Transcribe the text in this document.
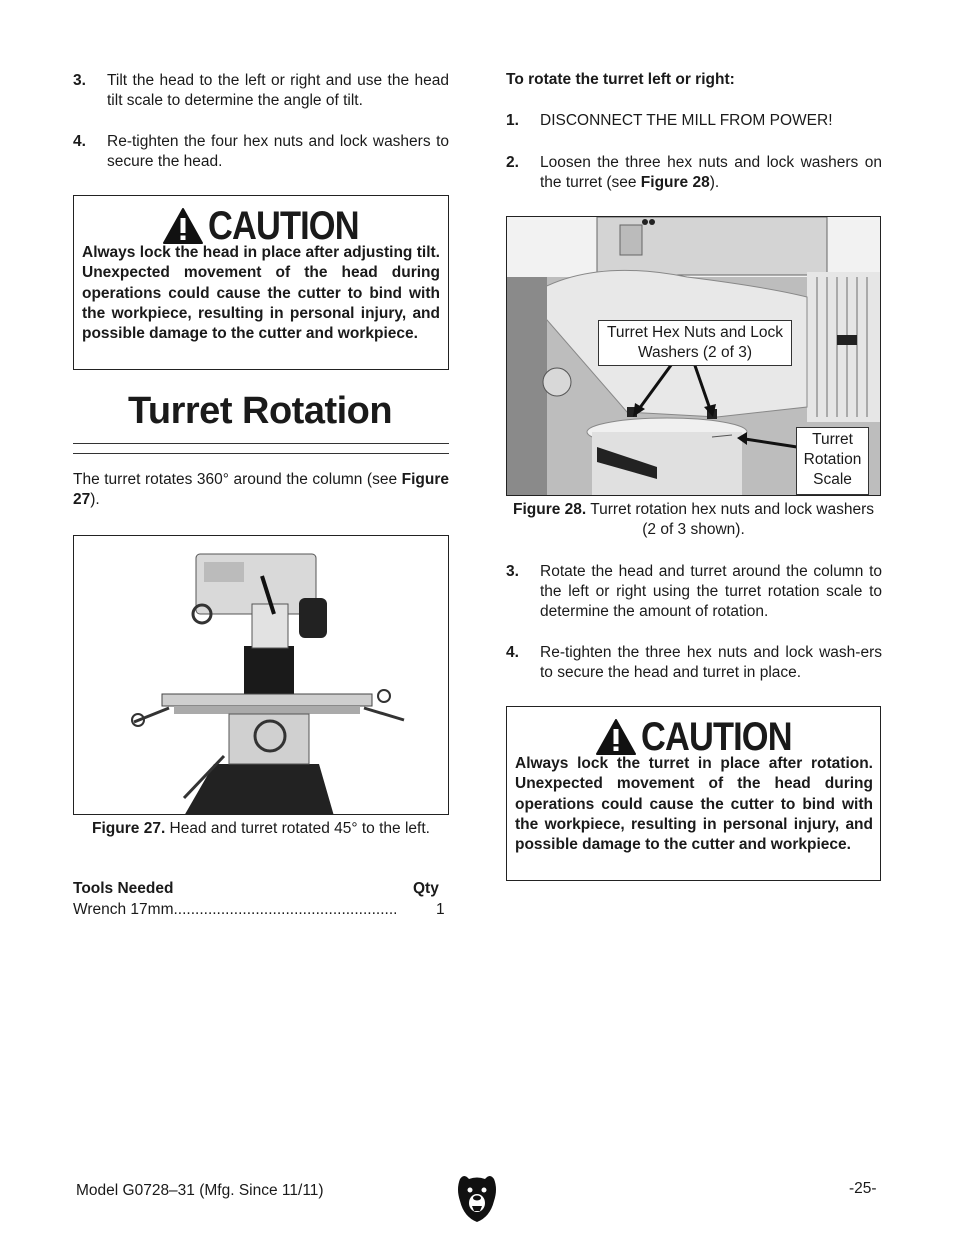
3. Tilt the head to the left or right and use the head tilt scale to determine the angle of tilt.
4. Re-tighten the four hex nuts and lock washers to secure the head.
CAUTION
Always lock the head in place after adjusting tilt. Unexpected movement of the head during operations could cause the cutter to bind with the workpiece, resulting in personal injury, and possible damage to the cutter and workpiece.
Turret Rotation
The turret rotates 360° around the column (see Figure 27).
Figure 27. Head and turret rotated 45° to the left.
Tools Needed	Qty
Wrench 17mm....................................................	1
To rotate the turret left or right:
1. DISCONNECT THE MILL FROM POWER!
2. Loosen the three hex nuts and lock washers on the turret (see Figure 28).
Turret Hex Nuts and Lock Washers (2 of 3)
Turret Rotation Scale
Figure 28. Turret rotation hex nuts and lock washers (2 of 3 shown).
3. Rotate the head and turret around the column to the left or right using the turret rotation scale to determine the amount of rotation.
4. Re-tighten the three hex nuts and lock wash-ers to secure the head and turret in place.
CAUTION
Always lock the turret in place after rotation. Unexpected movement of the head during operations could cause the cutter to bind with the workpiece, resulting in personal injury, and possible damage to the cutter and workpiece.
Model G0728–31 (Mfg. Since 11/11)	-25-
